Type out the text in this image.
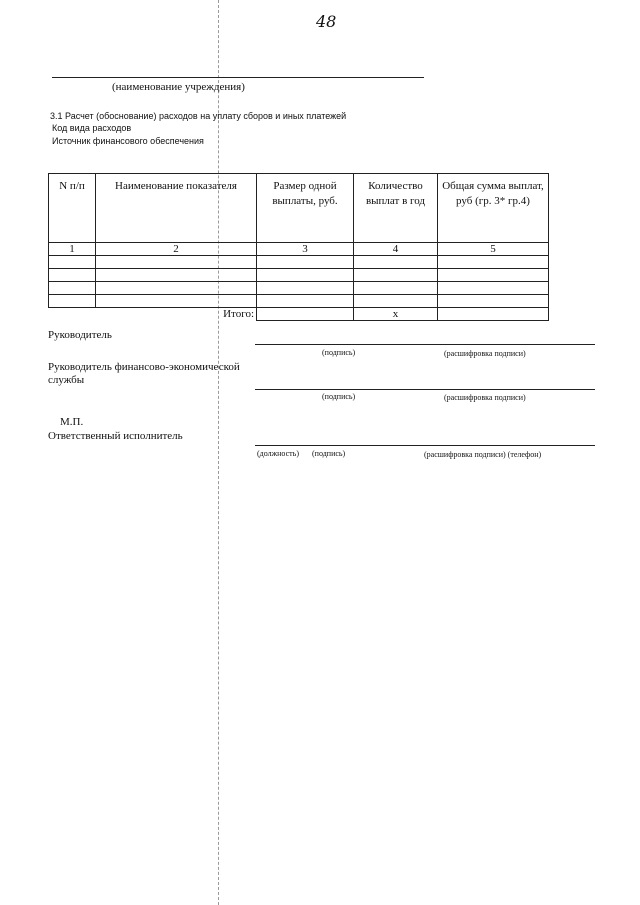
48
(наименование учреждения)
3.1 Расчет (обоснование) расходов на уплату сборов и иных платежей
Код вида расходов
Источник финансового обеспечения
N п/п	Наименование показателя	Размер одной выплаты, руб.	Количество выплат в год	Общая сумма выплат, руб (гр. 3* гр.4)
1	2	3	4	5

	Итого:		x	
Руководитель
(подпись)	(расшифровка подписи)
Руководитель финансово-экономической службы
(подпись)	(расшифровка подписи)
М.П.
Ответственный исполнитель
(должность) (подпись)	(расшифровка подписи) (телефон)
